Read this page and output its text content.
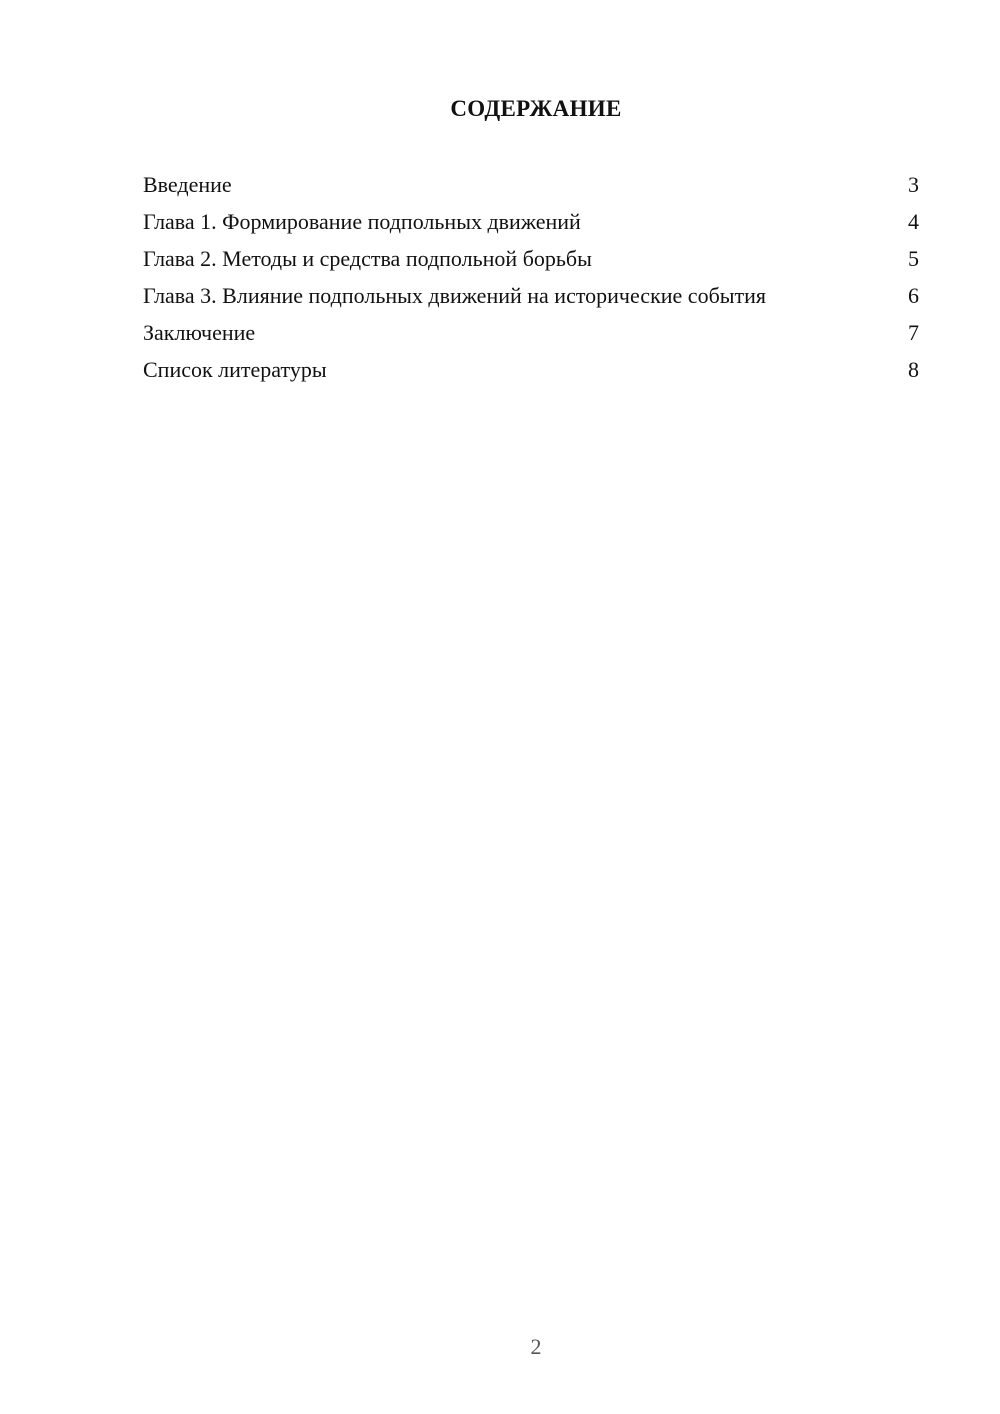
СОДЕРЖАНИЕ
Введение	3
Глава 1. Формирование подпольных движений	4
Глава 2. Методы и средства подпольной борьбы	5
Глава 3. Влияние подпольных движений на исторические события	6
Заключение	7
Список литературы	8
2
